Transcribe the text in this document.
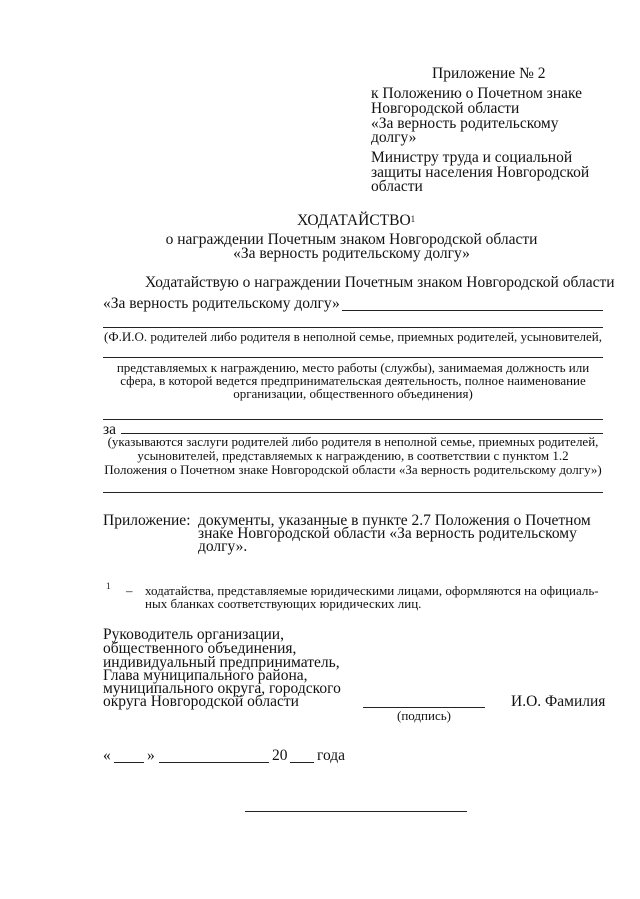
Приложение № 2
к Положению о Почетном знаке
Новгородской области
«За верность родительскому
долгу»
Министру труда и социальной
защиты населения Новгородской
области
ХОДАТАЙСТВО$^1$
о награждении Почетным знаком Новгородской области
«За верность родительскому долгу»
Ходатайствую о награждении Почетным знаком Новгородской области
«За верность родительскому долгу»
(Ф.И.О. родителей либо родителя в неполной семье, приемных родителей, усыновителей,
представляемых к награждению, место работы (службы), занимаемая должность или
сфера, в которой ведется предпринимательская деятельность, полное наименование
организации, общественного объединения)
за
(указываются заслуги родителей либо родителя в неполной семье, приемных родителей,
усыновителей, представляемых к награждению, в соответствии с пунктом 1.2
Положения о Почетном знаке Новгородской области «За верность родительскому долгу»)
Приложение: документы, указанные в пункте 2.7 Положения о Почетном
знаке Новгородской области «За верность родительскому
долгу».
1 – ходатайства, представляемые юридическими лицами, оформляются на официаль-
ных бланках соответствующих юридических лиц.
Руководитель организации,
общественного объединения,
индивидуальный предприниматель,
Глава муниципального района,
муниципального округа, городского
округа Новгородской области
(подпись)
И.О. Фамилия
« »	20 года
